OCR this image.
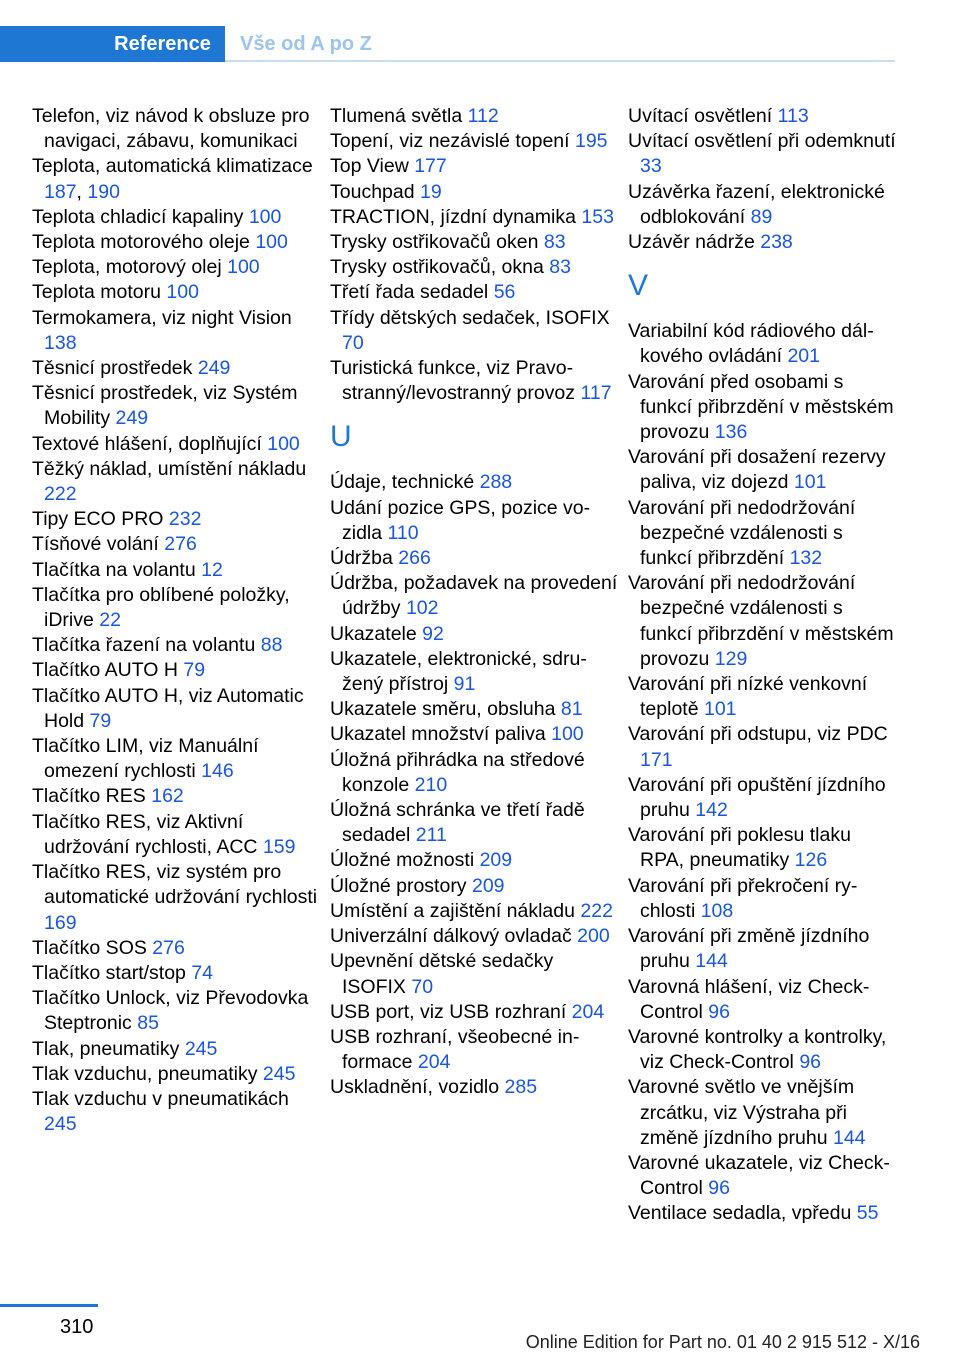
Reference	Vše od A po Z
Telefon, viz návod k obsluze pro navigaci, zábavu, komunikaci
Teplota, automatická klimatizace 187, 190
Teplota chladicí kapaliny 100
Teplota motorového oleje 100
Teplota, motorový olej 100
Teplota motoru 100
Termokamera, viz night Vision 138
Těsnicí prostředek 249
Těsnicí prostředek, viz Systém Mobility 249
Textové hlášení, doplňující 100
Těžký náklad, umístění nákladu 222
Tipy ECO PRO 232
Tísňové volání 276
Tlačítka na volantu 12
Tlačítka pro oblíbené položky, iDrive 22
Tlačítka řazení na volantu 88
Tlačítko AUTO H 79
Tlačítko AUTO H, viz Automatic Hold 79
Tlačítko LIM, viz Manuální omezení rychlosti 146
Tlačítko RES 162
Tlačítko RES, viz Aktivní udržování rychlosti, ACC 159
Tlačítko RES, viz systém pro automatické udržování rychlosti 169
Tlačítko SOS 276
Tlačítko start/stop 74
Tlačítko Unlock, viz Převodovka Steptronic 85
Tlak, pneumatiky 245
Tlak vzduchu, pneumatiky 245
Tlak vzduchu v pneumatikách 245
Tlumená světla 112
Topení, viz nezávislé topení 195
Top View 177
Touchpad 19
TRACTION, jízdní dynamika 153
Trysky ostřikovačů oken 83
Trysky ostřikovačů, okna 83
Třetí řada sedadel 56
Třídy dětských sedaček, ISOFIX 70
Turistická funkce, viz Pravostranný/levostranný provoz 117
U
Údaje, technické 288
Udání pozice GPS, pozice vozidla 110
Údržba 266
Údržba, požadavek na provedení údržby 102
Ukazatele 92
Ukazatele, elektronické, sdružený přístroj 91
Ukazatele směru, obsluha 81
Ukazatel množství paliva 100
Úložná přihrádka na středové konzole 210
Úložná schránka ve třetí řadě sedadel 211
Úložné možnosti 209
Úložné prostory 209
Umístění a zajištění nákladu 222
Univerzální dálkový ovladač 200
Upevnění dětské sedačky ISOFIX 70
USB port, viz USB rozhraní 204
USB rozhraní, všeobecné informace 204
Uskladnění, vozidlo 285
Uvítací osvětlení 113
Uvítací osvětlení při odemknutí 33
Uzávěrka řazení, elektronické odblokování 89
Uzávěr nádrže 238
V
Variabilní kód rádiového dálkového ovládání 201
Varování před osobami s funkcí přibrzdění v městském provozu 136
Varování při dosažení rezervy paliva, viz dojezd 101
Varování při nedodržování bezpečné vzdálenosti s funkcí přibrzdění 132
Varování při nedodržování bezpečné vzdálenosti s funkcí přibrzdění v městském provozu 129
Varování při nízké venkovní teplotě 101
Varování při odstupu, viz PDC 171
Varování při opuštění jízdního pruhu 142
Varování při poklesu tlaku RPA, pneumatiky 126
Varování při překročení rychlosti 108
Varování při změně jízdního pruhu 144
Varovná hlášení, viz Check-Control 96
Varovné kontrolky a kontrolky, viz Check-Control 96
Varovné světlo ve vnějším zrcátku, viz Výstraha při změně jízdního pruhu 144
Varovné ukazatele, viz Check-Control 96
Ventilace sedadla, vpředu 55
310
Online Edition for Part no. 01 40 2 915 512 - X/16
